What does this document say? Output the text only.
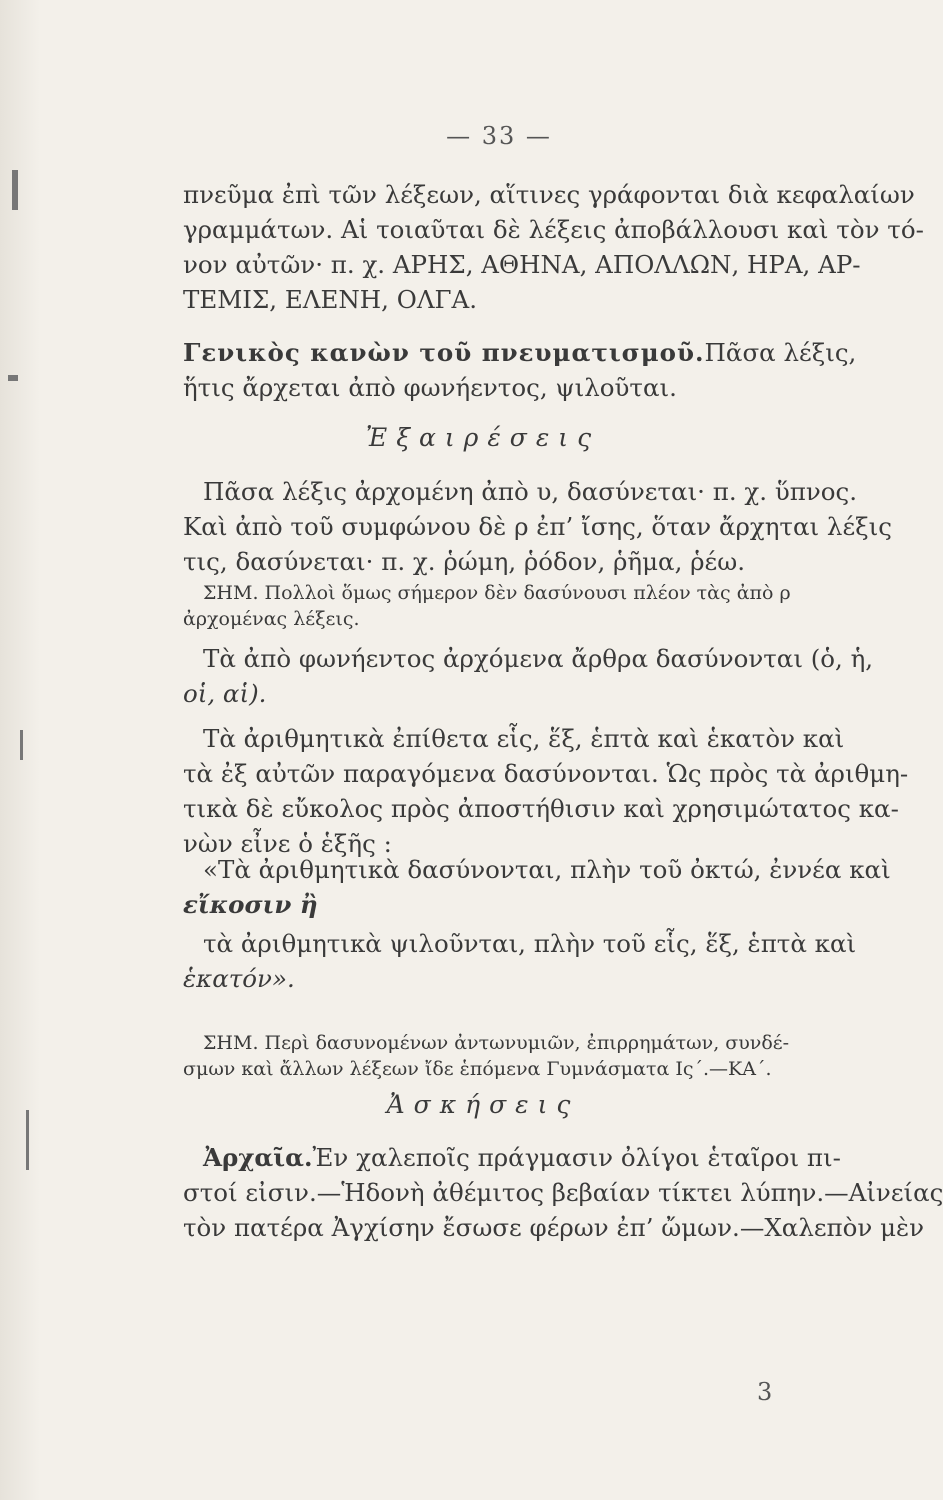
— 33 —
πνεῦμα ἐπὶ τῶν λέξεων, αἵτινες γράφονται διὰ κεφαλαίων
γραμμάτων. Αἱ τοιαῦται δὲ λέξεις ἀποβάλλουσι καὶ τὸν τό-
νον αὐτῶν· π. χ. ΑΡΗΣ, ΑΘΗΝΑ, ΑΠΟΛΛΩΝ, ΗΡΑ, ΑΡ-
ΤΕΜΙΣ, ΕΛΕΝΗ, ΟΛΓΑ.
Γενικὸς κανὼν τοῦ πνευματισμοῦ. Πᾶσα λέξις,
ἥτις ἄρχεται ἀπὸ φωνήεντος, ψιλοῦται.
Ἐξαιρέσεις
Πᾶσα λέξις ἀρχομένη ἀπὸ υ, δασύνεται· π. χ. ὕπνος.
Καὶ ἀπὸ τοῦ συμφώνου δὲ ρ ἐπ’ ἴσης, ὅταν ἄρχηται λέξις
τις, δασύνεται· π. χ. ῥώμη, ῥόδον, ῥῆμα, ῥέω.
ΣΗΜ. Πολλοὶ ὅμως σήμερον δὲν δασύνουσι πλέον τὰς ἀπὸ ρ
ἀρχομένας λέξεις.
Τὰ ἀπὸ φωνήεντος ἀρχόμενα ἄρθρα δασύνονται (ὁ, ἡ,
οἱ, αἱ).
Τὰ ἀριθμητικὰ ἐπίθετα εἷς, ἕξ, ἑπτὰ καὶ ἑκατὸν καὶ
τὰ ἐξ αὐτῶν παραγόμενα δασύνονται. Ὡς πρὸς τὰ ἀριθμη-
τικὰ δὲ εὔκολος πρὸς ἀποστήθισιν καὶ χρησιμώτατος κα-
νὼν εἶνε ὁ ἑξῆς :
«Τὰ ἀριθμητικὰ δασύνονται, πλὴν τοῦ ὀκτώ, ἐννέα καὶ
εἴκοσιν ἢ
τὰ ἀριθμητικὰ ψιλοῦνται, πλὴν τοῦ εἷς, ἕξ, ἑπτὰ καὶ
ἑκατόν».
ΣΗΜ. Περὶ δασυνομένων ἀντωνυμιῶν, ἐπιρρημάτων, συνδέ-
σμων καὶ ἄλλων λέξεων ἴδε ἑπόμενα Γυμνάσματα Ις΄.—ΚΑ΄.
Ἀσκήσεις
Ἀρχαῖα. Ἐν χαλεποῖς πράγμασιν ὀλίγοι ἑταῖροι πι-
στοί εἰσιν.—Ἡδονὴ ἀθέμιτος βεβαίαν τίκτει λύπην.—Αἰνείας
τὸν πατέρα Ἀγχίσην ἔσωσε φέρων ἐπ’ ὤμων.—Χαλεπὸν μὲν
3
